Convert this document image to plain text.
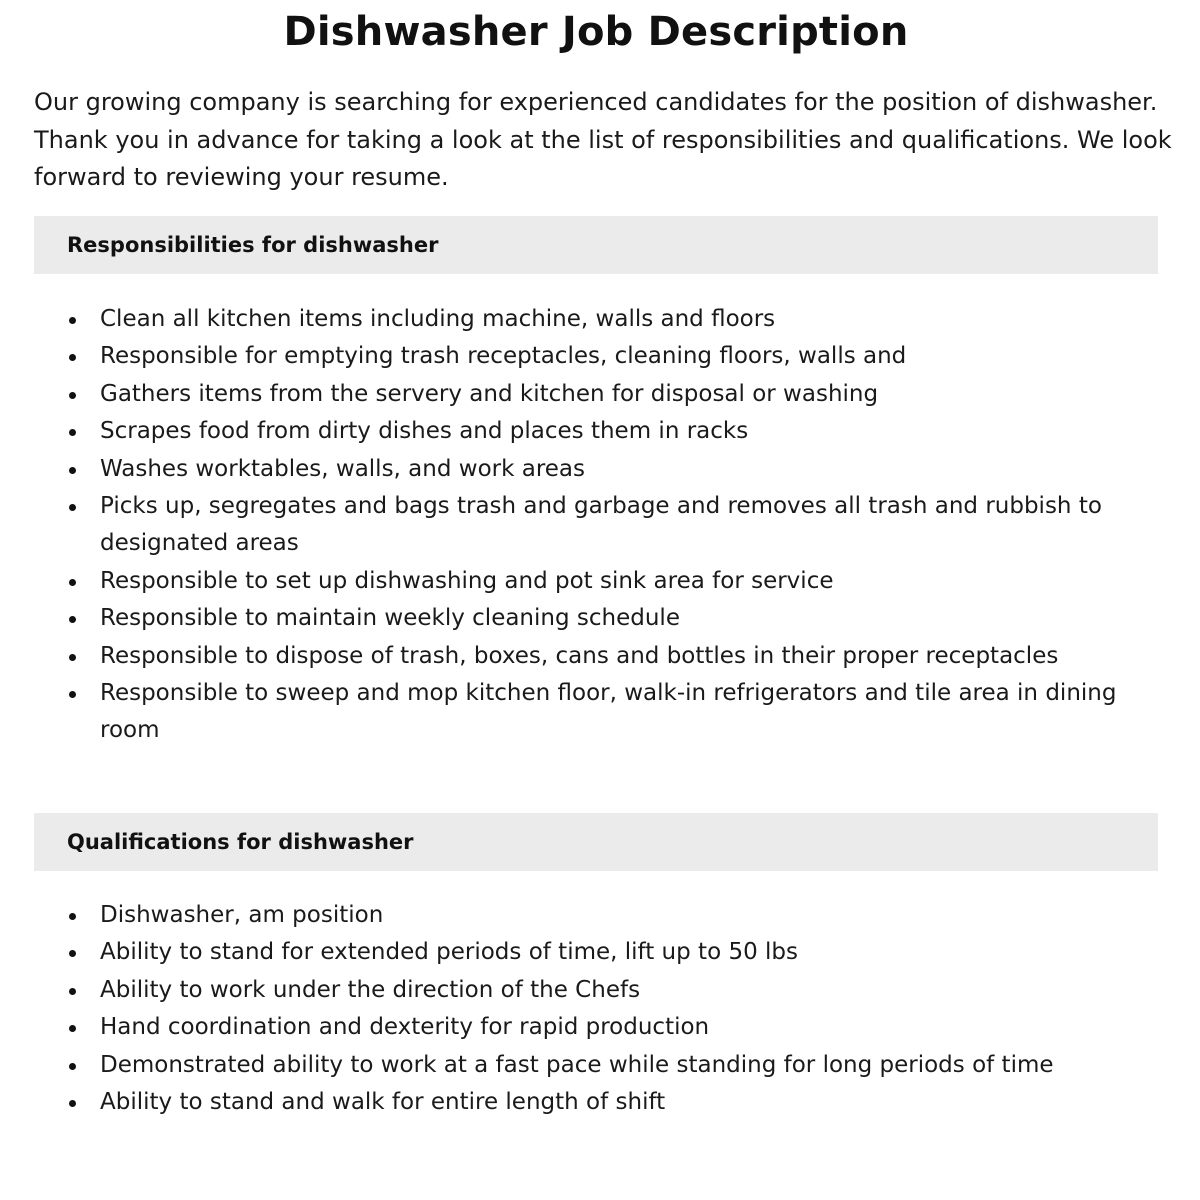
Dishwasher Job Description

Our growing company is searching for experienced candidates for the position of dishwasher. Thank you in advance for taking a look at the list of responsibilities and qualifications. We look forward to reviewing your resume.

Responsibilities for dishwasher
Clean all kitchen items including machine, walls and floors
Responsible for emptying trash receptacles, cleaning floors, walls and
Gathers items from the servery and kitchen for disposal or washing
Scrapes food from dirty dishes and places them in racks
Washes worktables, walls, and work areas
Picks up, segregates and bags trash and garbage and removes all trash and rubbish to designated areas
Responsible to set up dishwashing and pot sink area for service
Responsible to maintain weekly cleaning schedule
Responsible to dispose of trash, boxes, cans and bottles in their proper receptacles
Responsible to sweep and mop kitchen floor, walk-in refrigerators and tile area in dining room
Qualifications for dishwasher
Dishwasher, am position
Ability to stand for extended periods of time, lift up to 50 lbs
Ability to work under the direction of the Chefs
Hand coordination and dexterity for rapid production
Demonstrated ability to work at a fast pace while standing for long periods of time
Ability to stand and walk for entire length of shift
